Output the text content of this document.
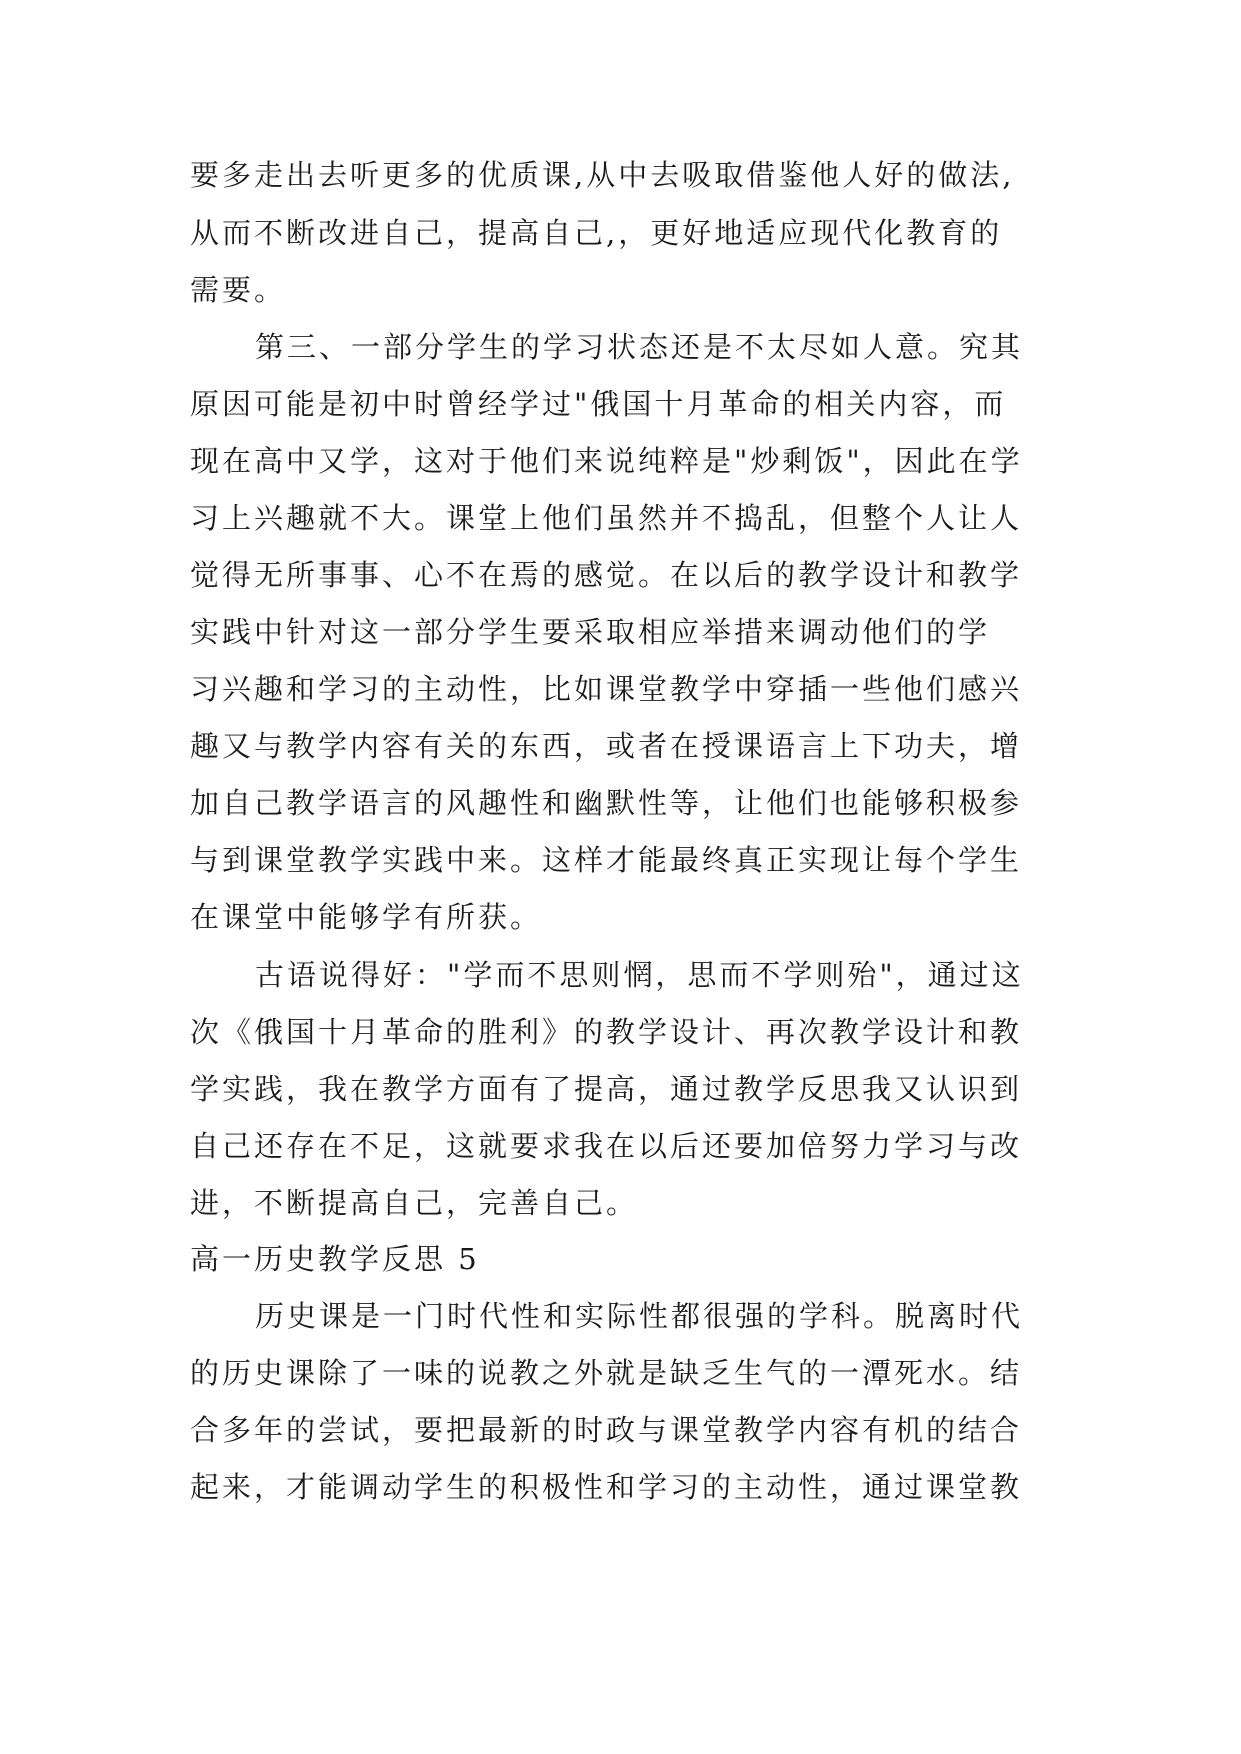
要多走出去听更多的优质课,从中去吸取借鉴他人好的做法,
从而不断改进自己，提高自己,，更好地适应现代化教育的
需要。
第三、一部分学生的学习状态还是不太尽如人意。究其
原因可能是初中时曾经学过"俄国十月革命的相关内容，而
现在高中又学，这对于他们来说纯粹是"炒剩饭"，因此在学
习上兴趣就不大。课堂上他们虽然并不捣乱，但整个人让人
觉得无所事事、心不在焉的感觉。在以后的教学设计和教学
实践中针对这一部分学生要采取相应举措来调动他们的学
习兴趣和学习的主动性，比如课堂教学中穿插一些他们感兴
趣又与教学内容有关的东西，或者在授课语言上下功夫，增
加自己教学语言的风趣性和幽默性等，让他们也能够积极参
与到课堂教学实践中来。这样才能最终真正实现让每个学生
在课堂中能够学有所获。
古语说得好："学而不思则惘，思而不学则殆"，通过这
次《俄国十月革命的胜利》的教学设计、再次教学设计和教
学实践，我在教学方面有了提高，通过教学反思我又认识到
自己还存在不足，这就要求我在以后还要加倍努力学习与改
进，不断提高自己，完善自己。
高一历史教学反思 5
历史课是一门时代性和实际性都很强的学科。脱离时代
的历史课除了一味的说教之外就是缺乏生气的一潭死水。结
合多年的尝试，要把最新的时政与课堂教学内容有机的结合
起来，才能调动学生的积极性和学习的主动性，通过课堂教
